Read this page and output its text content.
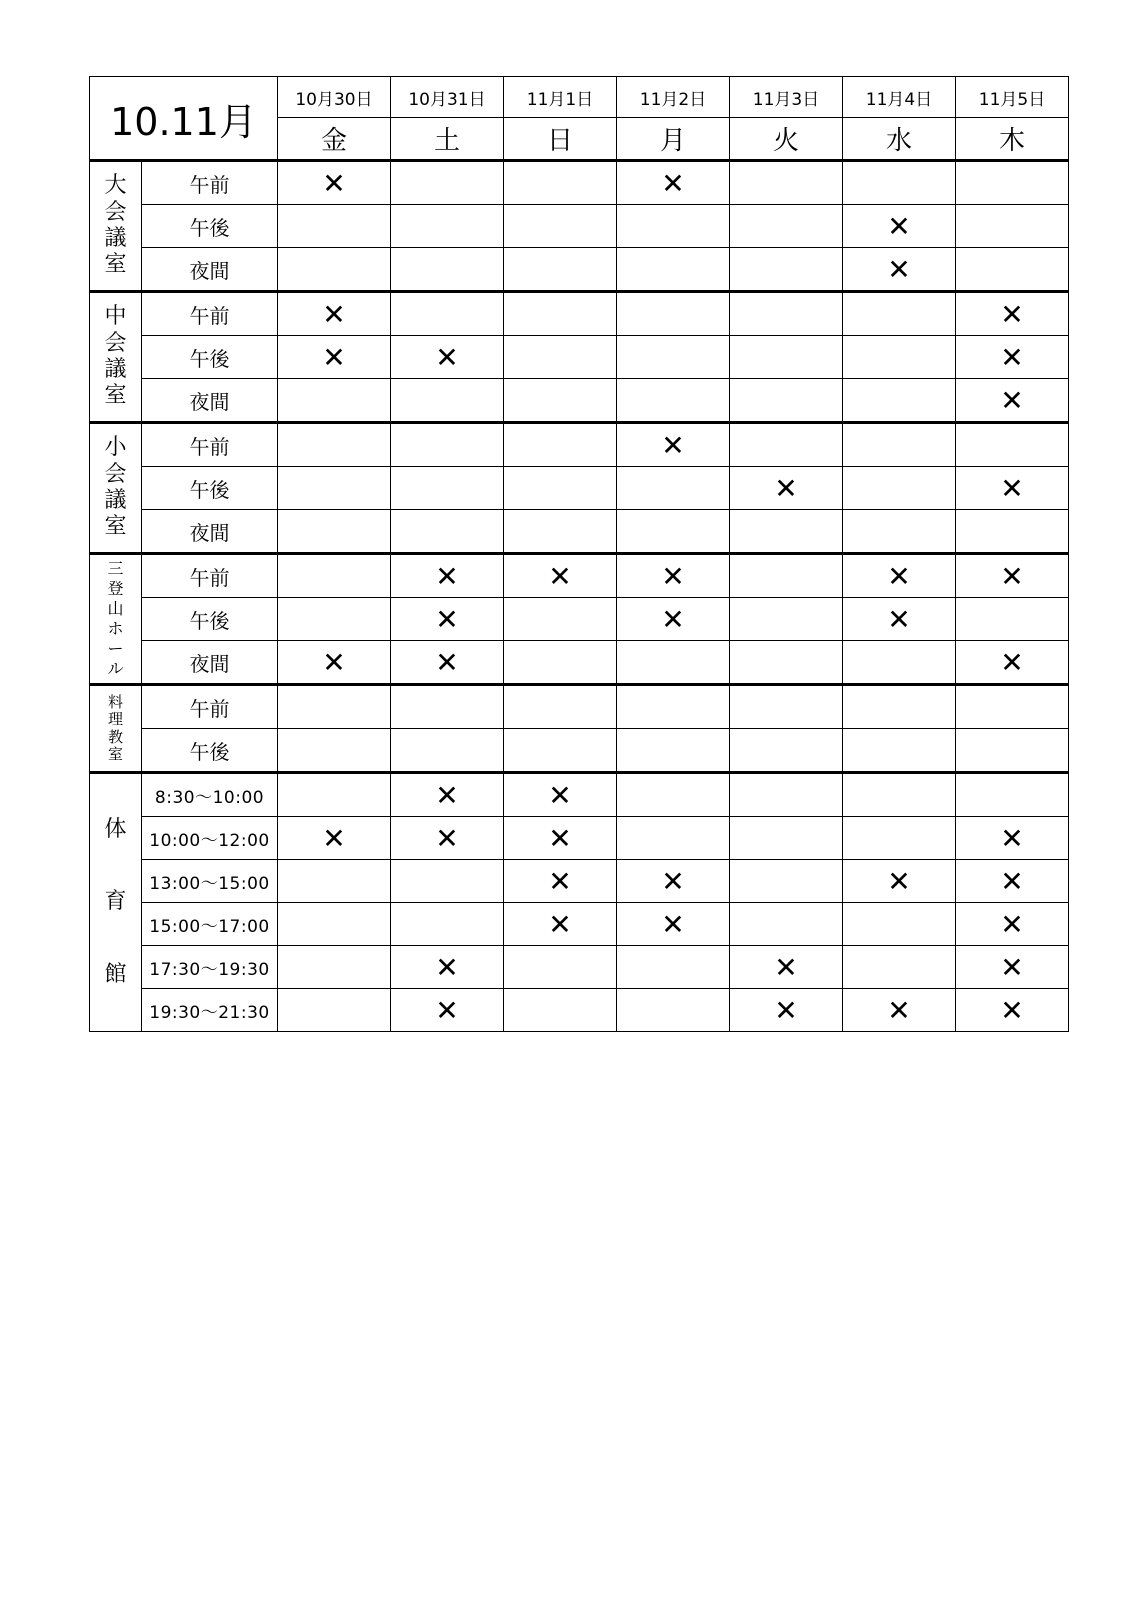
10.11月		10月30日	10月31日	11月1日	11月2日	11月3日	11月4日	11月5日
		金	土	日	月	火	水	木
大会議室	午前	✕			✕			
	午後						✕	
	夜間						✕	
中会議室	午前	✕						✕
	午後	✕	✕					✕
	夜間							✕
小会議室	午前				✕			
	午後					✕		✕
	夜間							
三登山ホール	午前		✕	✕	✕		✕	✕
	午後		✕		✕		✕	
	夜間	✕	✕					✕
料理教室	午前							
	午後							
体育館	8:30～10:00		✕	✕				
	10:00～12:00	✕	✕	✕				✕
	13:00～15:00			✕	✕		✕	✕
	15:00～17:00			✕	✕			✕
	17:30～19:30		✕			✕		✕
	19:30～21:30		✕			✕	✕	✕
